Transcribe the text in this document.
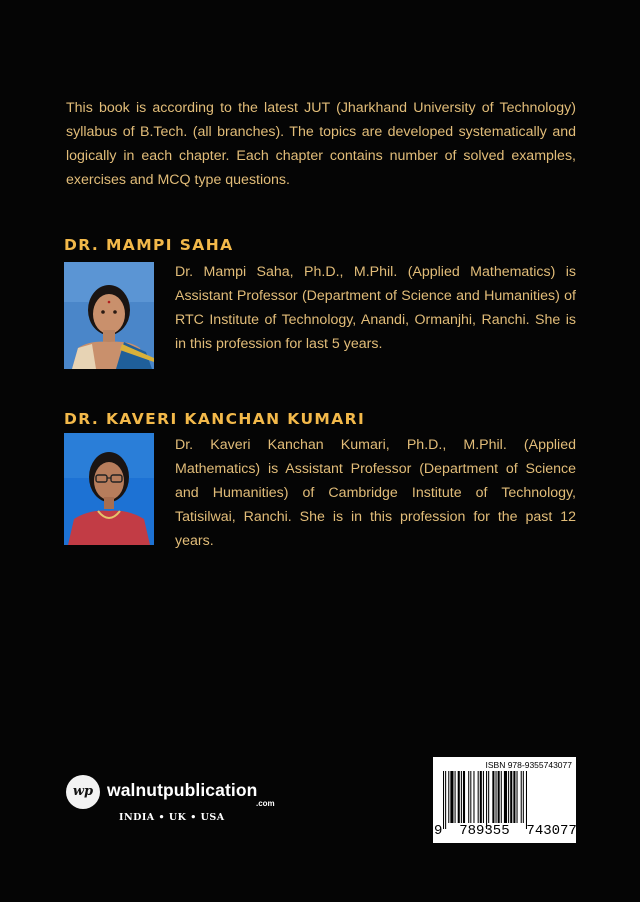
This book is according to the latest JUT (Jharkhand University of Technology) syllabus of B.Tech. (all branches). The topics are developed systematically and logically in each chapter. Each chapter contains number of solved examples, exercises and MCQ type questions.

DR. MAMPI SAHA

Dr. Mampi Saha, Ph.D., M.Phil. (Applied Mathematics) is Assistant Professor (Department of Science and Humanities) of RTC Institute of Technology, Anandi, Ormanjhi, Ranchi. She is in this profession for last 5 years.

DR. KAVERI KANCHAN KUMARI

Dr. Kaveri Kanchan Kumari, Ph.D., M.Phil. (Applied Mathematics) is Assistant Professor (Department of Science and Humanities) of Cambridge Institute of Technology, Tatisilwai, Ranchi. She is in this profession for the past 12 years.

wp walnutpublication
.com
INDIA • UK • USA
ISBN 978-9355743077
9  789355  743077
